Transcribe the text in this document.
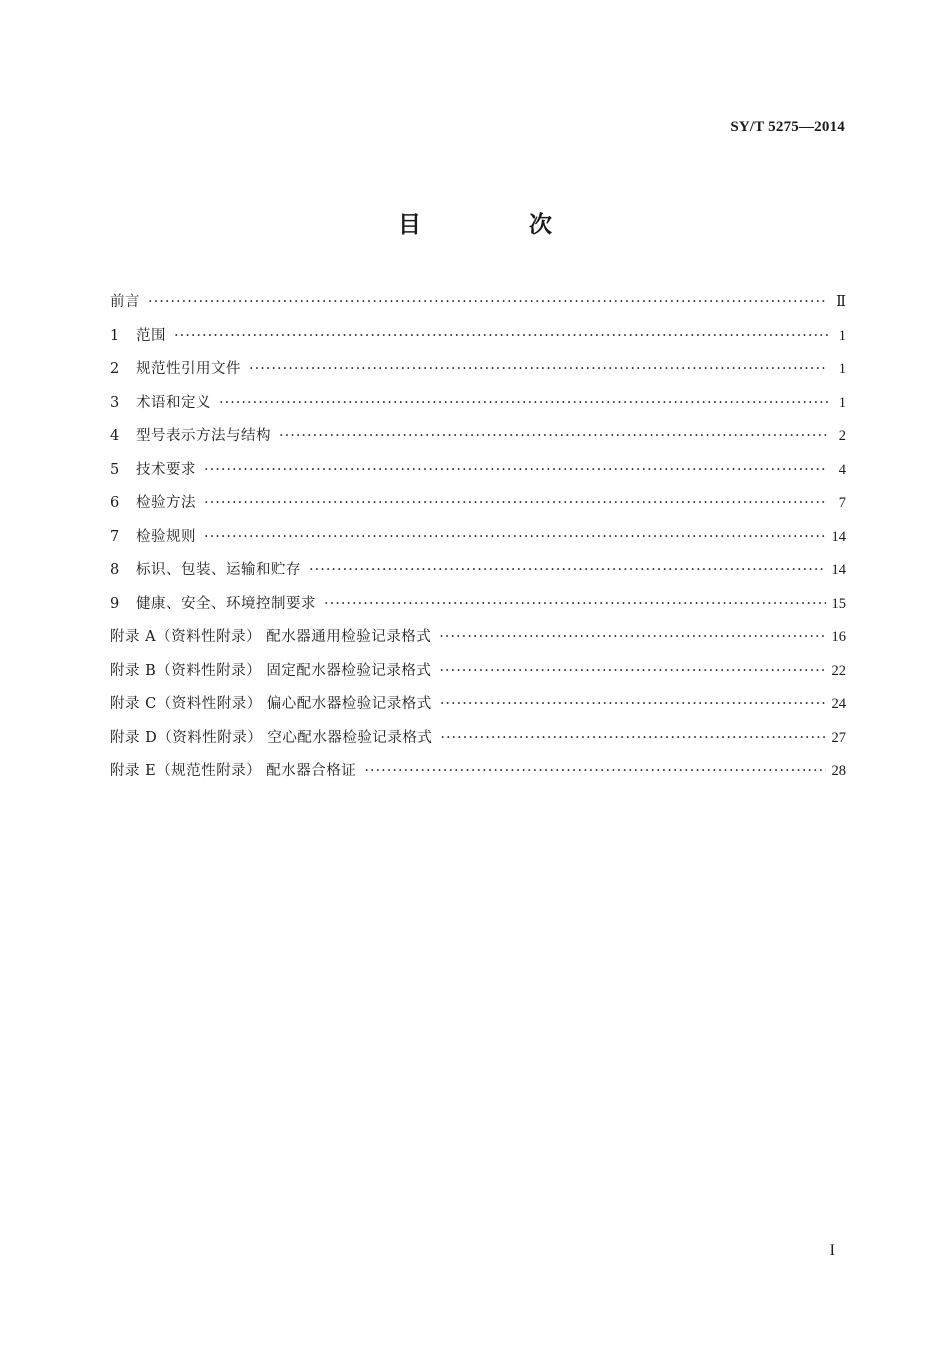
SY/T 5275—2014
目 次
前言 ·····	Ⅱ
1	范围 ·····	1
2	规范性引用文件 ·····	1
3	术语和定义 ·····	1
4	型号表示方法与结构 ·····	2
5	技术要求 ·····	4
6	检验方法 ·····	7
7	检验规则 ·····	14
8	标识、包装、运输和贮存 ·····	14
9	健康、安全、环境控制要求 ·····	15
附录 A（资料性附录） 配水器通用检验记录格式 ·····	16
附录 B（资料性附录） 固定配水器检验记录格式 ·····	22
附录 C（资料性附录） 偏心配水器检验记录格式 ·····	24
附录 D（资料性附录） 空心配水器检验记录格式 ·····	27
附录 E（规范性附录） 配水器合格证 ·····	28
I
